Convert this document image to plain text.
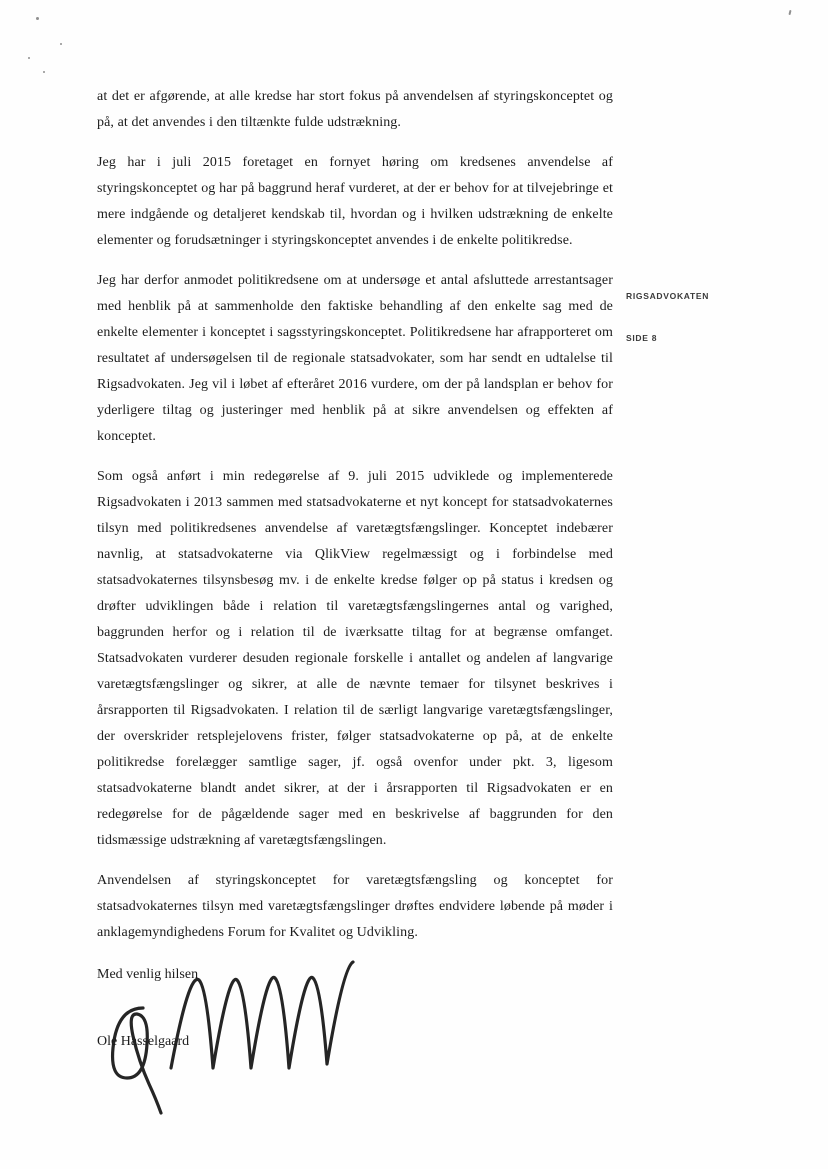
RIGSADVOKATEN
SIDE 8

at det er afgørende, at alle kredse har stort fokus på anvendelsen af styringskonceptet og på, at det anvendes i den tiltænkte fulde udstrækning.

Jeg har i juli 2015 foretaget en fornyet høring om kredsenes anvendelse af styringskonceptet og har på baggrund heraf vurderet, at der er behov for at tilvejebringe et mere indgående og detaljeret kendskab til, hvordan og i hvilken udstrækning de enkelte elementer og forudsætninger i styringskonceptet anvendes i de enkelte politikredse.

Jeg har derfor anmodet politikredsene om at undersøge et antal afsluttede arrestantsager med henblik på at sammenholde den faktiske behandling af den enkelte sag med de enkelte elementer i konceptet i sagsstyringskonceptet. Politikredsene har afrapporteret om resultatet af undersøgelsen til de regionale statsadvokater, som har sendt en udtalelse til Rigsadvokaten. Jeg vil i løbet af efteråret 2016 vurdere, om der på landsplan er behov for yderligere tiltag og justeringer med henblik på at sikre anvendelsen og effekten af konceptet.

Som også anført i min redegørelse af 9. juli 2015 udviklede og implementerede Rigsadvokaten i 2013 sammen med statsadvokaterne et nyt koncept for statsadvokaternes tilsyn med politikredsenes anvendelse af varetægtsfængslinger. Konceptet indebærer navnlig, at statsadvokaterne via QlikView regelmæssigt og i forbindelse med statsadvokaternes tilsynsbesøg mv. i de enkelte kredse følger op på status i kredsen og drøfter udviklingen både i relation til varetægtsfængslingernes antal og varighed, baggrunden herfor og i relation til de iværksatte tiltag for at begrænse omfanget. Statsadvokaten vurderer desuden regionale forskelle i antallet og andelen af langvarige varetægtsfængslinger og sikrer, at alle de nævnte temaer for tilsynet beskrives i årsrapporten til Rigsadvokaten. I relation til de særligt langvarige varetægtsfængslinger, der overskrider retsplejelovens frister, følger statsadvokaterne op på, at de enkelte politikredse forelægger samtlige sager, jf. også ovenfor under pkt. 3, ligesom statsadvokaterne blandt andet sikrer, at der i årsrapporten til Rigsadvokaten er en redegørelse for de pågældende sager med en beskrivelse af baggrunden for den tidsmæssige udstrækning af varetægtsfængslingen.

Anvendelsen af styringskonceptet for varetægtsfængsling og konceptet for statsadvokaternes tilsyn med varetægtsfængslinger drøftes endvidere løbende på møder i anklagemyndighedens Forum for Kvalitet og Udvikling.

Med venlig hilsen
Ole Hasselgaard
